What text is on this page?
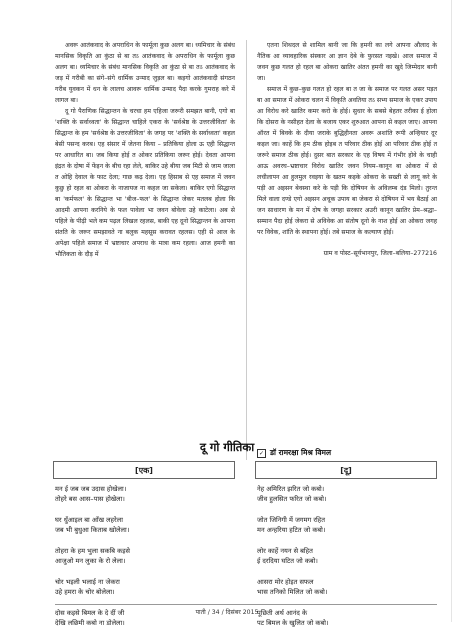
अवरू आतंकवाद के अपराधिन के फार्मूला कुछ अलग बा। ध्यमिचार के संबंध मानसिक विकृति आ कुंठा से बा तऽ आतंकवाद के अपराधिन के फार्मूला कुछ अलग बा। ध्यमिचार के संबंध मानसिक विकृति आ कुंठा से बा तऽ आतंकवाद के जड़ में गरीबी का संगे–संगे धार्मिक उन्माद जुड़ल बा। कइगो आतंकवादी संगठन गरीब युवकन में धन के लालच आवरू धार्मिक उन्माद पैदा करके गुमराह करे में लागल बा।

दू गो पैराणिक सिद्धान्तन के चरचा हम एहिजा जरूरी समझत बानी, एगो बा 'शक्ति के सर्वाध्वता' के सिद्धान्त चाहिले एकरा के 'सर्वश्रेष्ठ के उत्तरजीविता' के सिद्धान्त के हम 'सर्वश्रेष्ठ के उत्तरजीविता' के जगह पर 'शक्ति के सर्वाध्वता' कहल बेसी पसन्द करब। एह संसार में जेतना किया – प्रतिकिया होला ऊ एही सिद्धान्त पर आधारित बा। जब किया होई त ओकर प्रतिकिया जरूर होई। देवता आपना इंद्रत के दोषा में फेंइन के बीच रहा लेले, बाकिर उहे बीया जब मिटी से जाम जाला त ओहि देवाल के फाट देला; गाछ कढ़ देला। एह हिसाब से एह समाज में जवन कुछु हो रहल बा ओकरा के नाजायज ना कहल जा सकेला। बाकिर एगो सिद्धान्त बा 'कर्मफल' के सिद्धान्त भा 'बीज–फल' के सिद्धान्त जेकर मतलब होला कि आदमी आपना करनिये के फल पावेला भा जवन बोवेला उहे काटेला। अब से पहिले के पीढ़ी भले कम पढ़ल लिखल रहलस, बाकी एह दूनो सिद्धान्तन के आपना संतति के जरूर समझावते ना बलुक महसूस करावत रहलस। एही से आज के अपेक्षा पहिले समाज में भ्रष्टाचार अपराध के मात्रा कम रहला। आज हमनी का भौतिकता के दौड़ में

एतना शिथदल से शामिल बानी जा कि हमनी का लगे आपना औलाद के नैतिक आ व्यावहारिक संस्कार आ ज्ञान देबे के फुरसत नइखे। आज समाज में जवन कुछ गलत हो रहल बा ओकरा खातिर अंतत हमनी का खुदे जिम्मेदार बानी जा।

समाज में कुछ–कुछ गलत हो रहल बा त जा के समाज पर गलत असर पड़त बा आ समाज में ओकरा चलन में विकृति अवतिया तऽ सभ्य समाज के एकर उपाय आ विरोध करे खातिर कमर करो के होई। सुधार के सबसे बेहतर तरीका ई होला कि दोसरा के नसीहत देला के बजाय एकर शुरुआत आपना से कइल जाए। आपना ऑरत में बिवके के दीया जराके बुद्धिहीनता अवरू अशांति रूपी अन्हियार दूर कइल जा। काहें कि हम ठीक होइब त परिवार ठीक होई आ परिवार ठीक होई त जरूरे समाज ठीक होई। दुसर बात सरकार के एह विषय में गंभीर होवे के चाही आऊ अवरघ–भ्रष्टाचार विरोध खातिर जवन नियम–कानून बा ओकरा में से लचीलापन आ हुलमुल रवइया के खतम कइके ओकरा के सख्ती से लागू करे के पड़ी आ अइसन बेवस्था करे के पड़ी कि दोषियन के अविलम्ब दंड मिलो। तुरन्त मिले वाला दण्डे एगो अइसन अचूक उपाय बा जेकरा से दोषियन में भय बैठाई आ जन साधारण के मन में दोष के जगहा सरकार अउरी कानून खातिर प्रेम–श्रद्धा–सम्मान पैदा होई जेकरा से अविवेक आ संतोष दूनो के नाश होई आ ओकरा जगह पर विवेक, शांति के स्थापना होई। तबे समाज के कल्याण होई।

ग्राम व पोस्ट–सूर्यभानपुर, जिला–बलिया–277216

दू गो गीतिका ✓ डॉ रामरक्षा मिश्र विमल
[एक]	[दू]
मन ई जब जब उदास होखेला।
तोहरे बस आस–पास होखेला।
घर धुँआइल बा आँख लहरेला
जब भी बुधुआ किताब खोलेला।
तोहरा के हम भुला सकबि कइसे
आजुओ मन लुका के रो लेला।
चोर भइली भलाई ना जेकरा
उहे हमरा के चोर बोलेला।
दोस कइसे बिमल के दे दीं जी
देखि लछिमी कबो ना डोलेला।
नेह अमिरित झरित जो कबो।
जीव हुलसित फरित जो कबो।
जोत जिनिगी में जगमग रहित
मन अन्हरिया हटित जो कबो।
लोर काहें नयन से बहित
ई दरदिया घटित जो कबो।
आसरा मोर होइत सफल
भास तनिको मिलित जो कबो।
पूछिती अर्थ आनंद के
पट बिमल के खुलित जो कबो।
पाती / 34 / दिसंबर 2015
